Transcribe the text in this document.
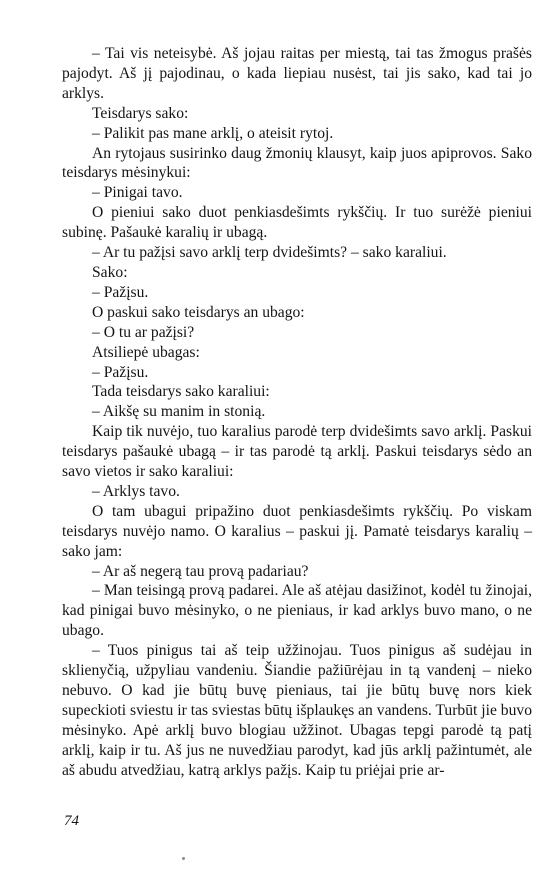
– Tai vis neteisybė. Aš jojau raitas per miestą, tai tas žmogus prašės pajodyt. Aš jį pajodinau, o kada liepiau nusėst, tai jis sako, kad tai jo arklys.

Teisdarys sako:

– Palikit pas mane arklį, o ateisit rytoj.

An rytojaus susirinko daug žmonių klausyt, kaip juos apiprovos. Sako teisdarys mėsinykui:

– Pinigai tavo.

O pieniui sako duot penkiasdešimts rykščių. Ir tuo surėžė pieniui subinę. Pašaukė karalių ir ubagą.

– Ar tu pažįsi savo arklį terp dvidešimts? – sako karaliui.

Sako:

– Pažįsu.

O paskui sako teisdarys an ubago:

– O tu ar pažįsi?

Atsiliepė ubagas:

– Pažįsu.

Tada teisdarys sako karaliui:

– Aikšę su manim in stonią.

Kaip tik nuvėjo, tuo karalius parodė terp dvidešimts savo arklį. Paskui teisdarys pašaukė ubagą – ir tas parodė tą arklį. Paskui teisdarys sėdo an savo vietos ir sako karaliui:

– Arklys tavo.

O tam ubagui pripažino duot penkiasdešimts rykščių. Po viskam teisdarys nuvėjo namo. O karalius – paskui jį. Pamatė teisdarys karalių – sako jam:

– Ar aš negerą tau provą padariau?

– Man teisingą provą padarei. Ale aš atėjau dasižinot, kodėl tu žinojai, kad pinigai buvo mėsinyko, o ne pieniaus, ir kad arklys buvo mano, o ne ubago.

– Tuos pinigus tai aš teip užžinojau. Tuos pinigus aš sudėjau in sklienyčią, užpyliau vandeniu. Šiandie pažiūrėjau in tą vandenį – nieko nebuvo. O kad jie būtų buvę pieniaus, tai jie būtų buvę nors kiek supeckioti sviestu ir tas sviestas būtų išplaukęs an vandens. Turbūt jie buvo mėsinyko. Apė arklį buvo blogiau užžinot. Ubagas tepgi parodė tą patį arklį, kaip ir tu. Aš jus ne nuvedžiau parodyt, kad jūs arklį pažintumėt, ale aš abudu atvedžiau, katrą arklys pažįs. Kaip tu priėjai prie ar-

74
